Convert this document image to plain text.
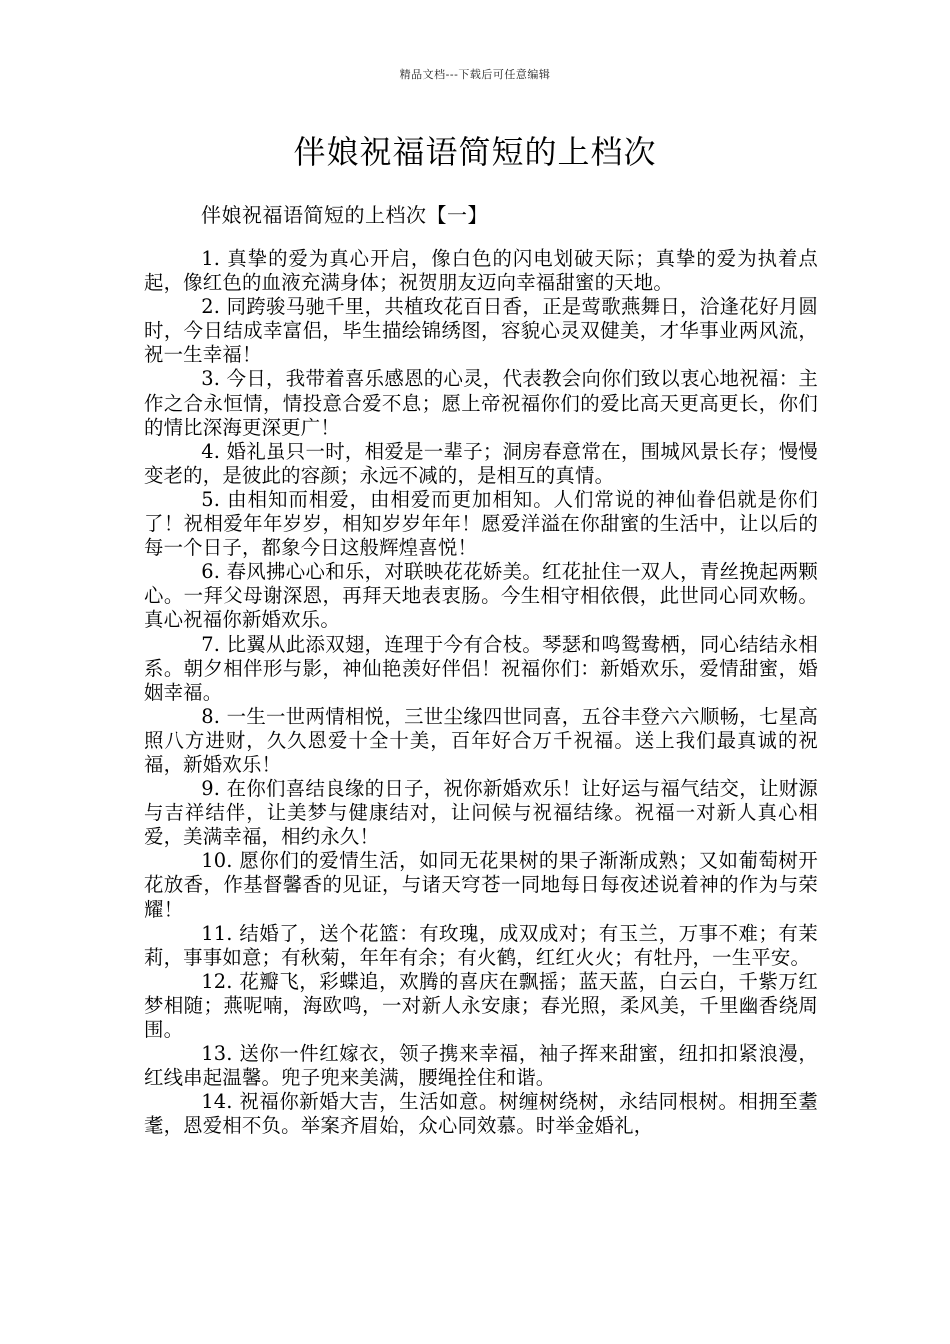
精品文档---下载后可任意编辑
伴娘祝福语简短的上档次
伴娘祝福语简短的上档次【一】

1. 真挚的爱为真心开启，像白色的闪电划破天际；真挚的爱为执着点起，像红色的血液充满身体；祝贺朋友迈向幸福甜蜜的天地。

2. 同跨骏马驰千里，共植玫花百日香，正是莺歌燕舞日，洽逢花好月圆时，今日结成幸富侣，毕生描绘锦绣图，容貌心灵双健美，才华事业两风流，祝一生幸福！

3. 今日，我带着喜乐感恩的心灵，代表教会向你们致以衷心地祝福：主作之合永恒情，情投意合爱不息；愿上帝祝福你们的爱比高天更高更长，你们的情比深海更深更广！

4. 婚礼虽只一时，相爱是一辈子；洞房春意常在，围城风景长存；慢慢变老的，是彼此的容颜；永远不减的，是相互的真情。

5. 由相知而相爱，由相爱而更加相知。人们常说的神仙眷侣就是你们了！祝相爱年年岁岁，相知岁岁年年！愿爱洋溢在你甜蜜的生活中，让以后的每一个日子，都象今日这般辉煌喜悦！

6. 春风拂心心和乐，对联映花花娇美。红花扯住一双人，青丝挽起两颗心。一拜父母谢深恩，再拜天地表衷肠。今生相守相依偎，此世同心同欢畅。真心祝福你新婚欢乐。

7. 比翼从此添双翅，连理于今有合枝。琴瑟和鸣鸳鸯栖，同心结结永相系。朝夕相伴形与影，神仙艳羡好伴侣！祝福你们：新婚欢乐，爱情甜蜜，婚姻幸福。

8. 一生一世两情相悦，三世尘缘四世同喜，五谷丰登六六顺畅，七星高照八方进财，久久恩爱十全十美，百年好合万千祝福。送上我们最真诚的祝福，新婚欢乐！

9. 在你们喜结良缘的日子，祝你新婚欢乐！让好运与福气结交，让财源与吉祥结伴，让美梦与健康结对，让问候与祝福结缘。祝福一对新人真心相爱，美满幸福，相约永久！

10. 愿你们的爱情生活，如同无花果树的果子渐渐成熟；又如葡萄树开花放香，作基督馨香的见证，与诸天穹苍一同地每日每夜述说着神的作为与荣耀！

11. 结婚了，送个花篮：有玫瑰，成双成对；有玉兰，万事不难；有茉莉，事事如意；有秋菊，年年有余；有火鹤，红红火火；有牡丹，一生平安。

12. 花瓣飞，彩蝶追，欢腾的喜庆在飘摇；蓝天蓝，白云白，千紫万红梦相随；燕呢喃，海欧鸣，一对新人永安康；春光照，柔风美，千里幽香绕周围。

13. 送你一件红嫁衣，领子携来幸福，袖子挥来甜蜜，纽扣扣紧浪漫，红线串起温馨。兜子兜来美满，腰绳拴住和谐。

14. 祝福你新婚大吉，生活如意。树缠树绕树，永结同根树。相拥至耋耄，恩爱相不负。举案齐眉始，众心同效慕。时举金婚礼，
